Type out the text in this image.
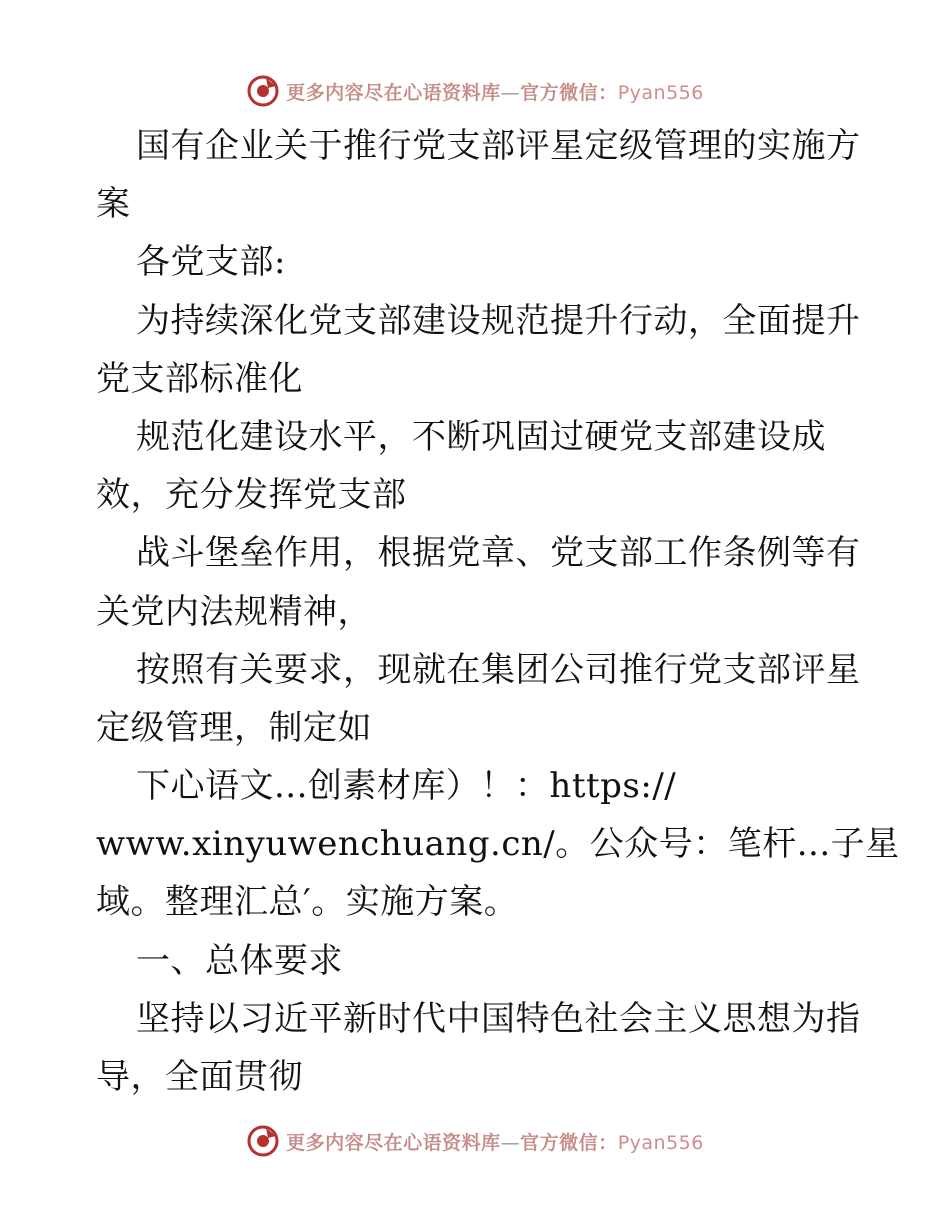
更多内容尽在心语资料库—官方微信：Pyan556
国有企业关于推行党支部评星定级管理的实施方
案
各党支部:
为持续深化党支部建设规范提升行动，全面提升
党支部标准化
规范化建设水平，不断巩固过硬党支部建设成
效，充分发挥党支部
战斗堡垒作用，根据党章、党支部工作条例等有
关党内法规精神，
按照有关要求，现就在集团公司推行党支部评星
定级管理，制定如
下心语文...创素材库）！：https://
www.xinyuwenchuang.cn/。公众号：笔杆...子星
域。整理汇总′。实施方案。
一、总体要求
坚持以习近平新时代中国特色社会主义思想为指
导，全面贯彻
更多内容尽在心语资料库—官方微信：Pyan556
